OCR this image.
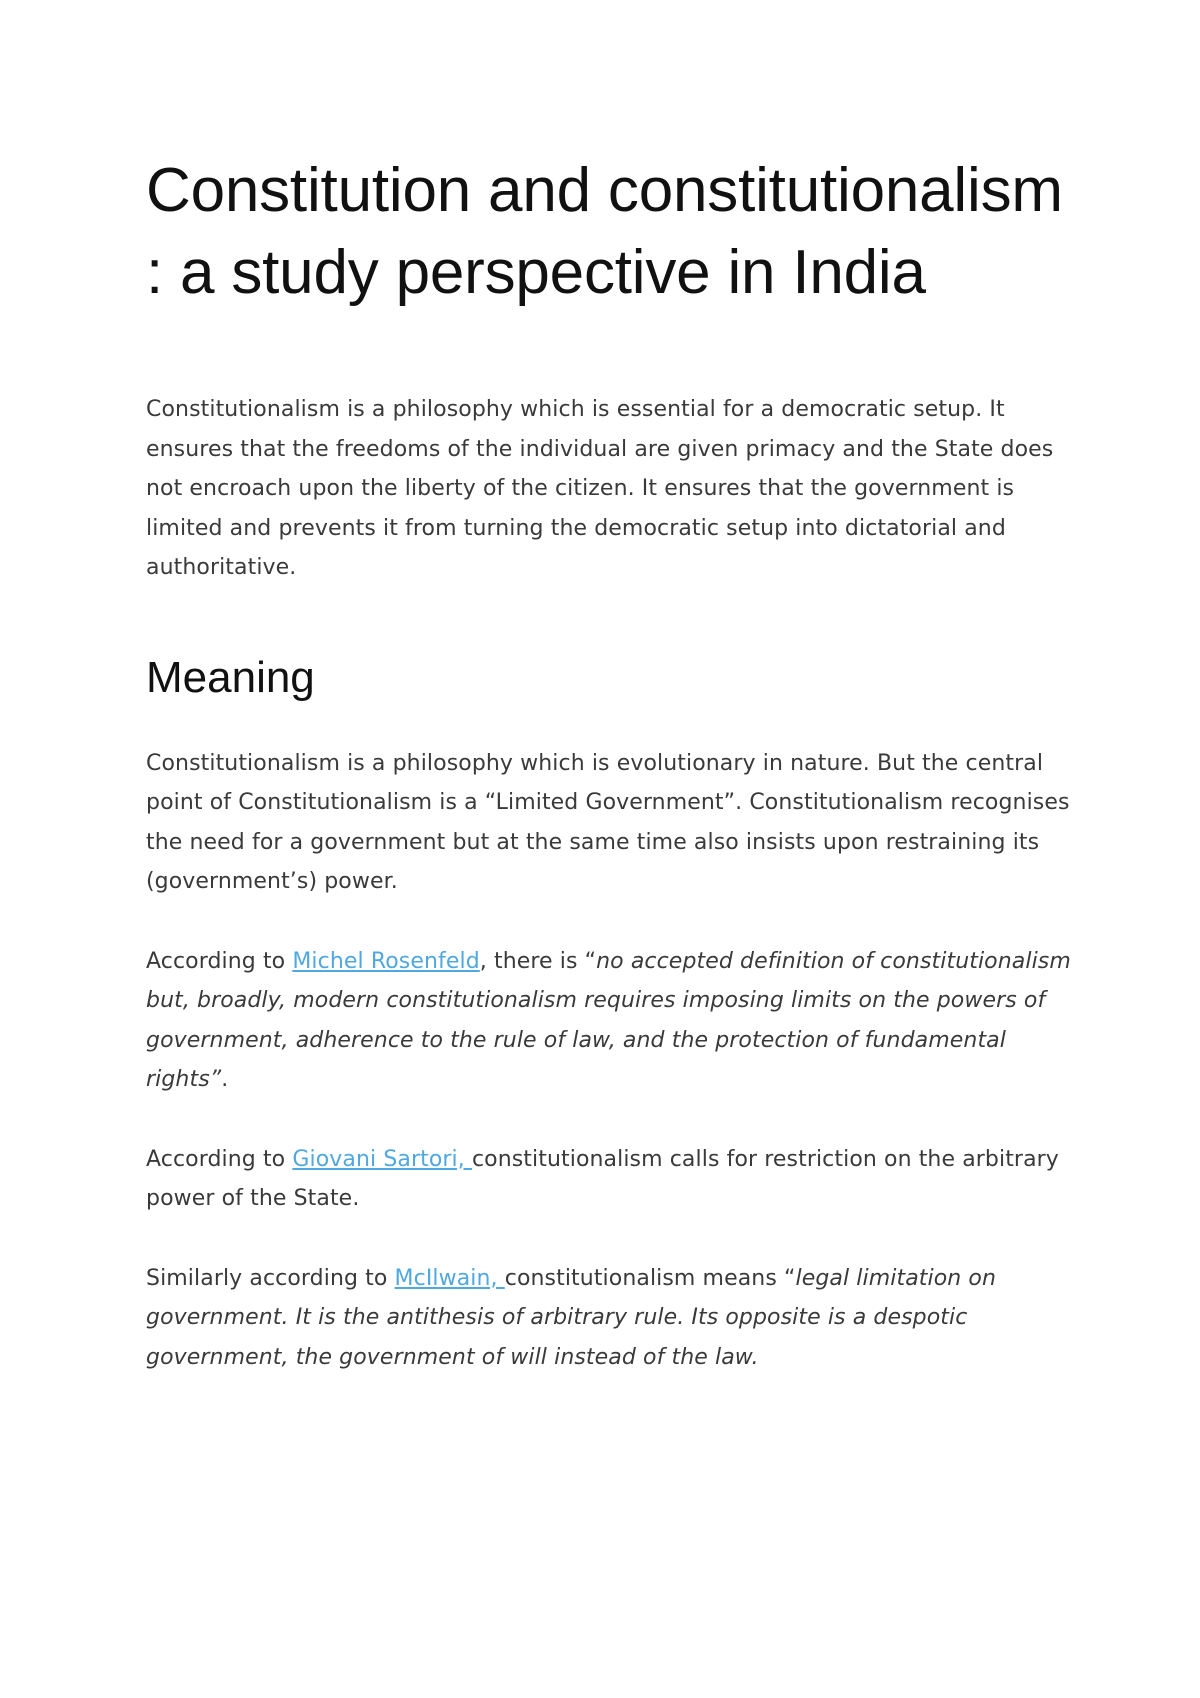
Constitution and constitutionalism : a study perspective in India

Constitutionalism is a philosophy which is essential for a democratic setup. It ensures that the freedoms of the individual are given primacy and the State does not encroach upon the liberty of the citizen. It ensures that the government is limited and prevents it from turning the democratic setup into dictatorial and authoritative.

Meaning

Constitutionalism is a philosophy which is evolutionary in nature. But the central point of Constitutionalism is a “Limited Government”. Constitutionalism recognises the need for a government but at the same time also insists upon restraining its (government’s) power.

According to Michel Rosenfeld, there is “no accepted definition of constitutionalism but, broadly, modern constitutionalism requires imposing limits on the powers of government, adherence to the rule of law, and the protection of fundamental rights”.

According to Giovani Sartori, constitutionalism calls for restriction on the arbitrary power of the State.

Similarly according to McIlwain, constitutionalism means “legal limitation on government. It is the antithesis of arbitrary rule. Its opposite is a despotic government, the government of will instead of the law.
